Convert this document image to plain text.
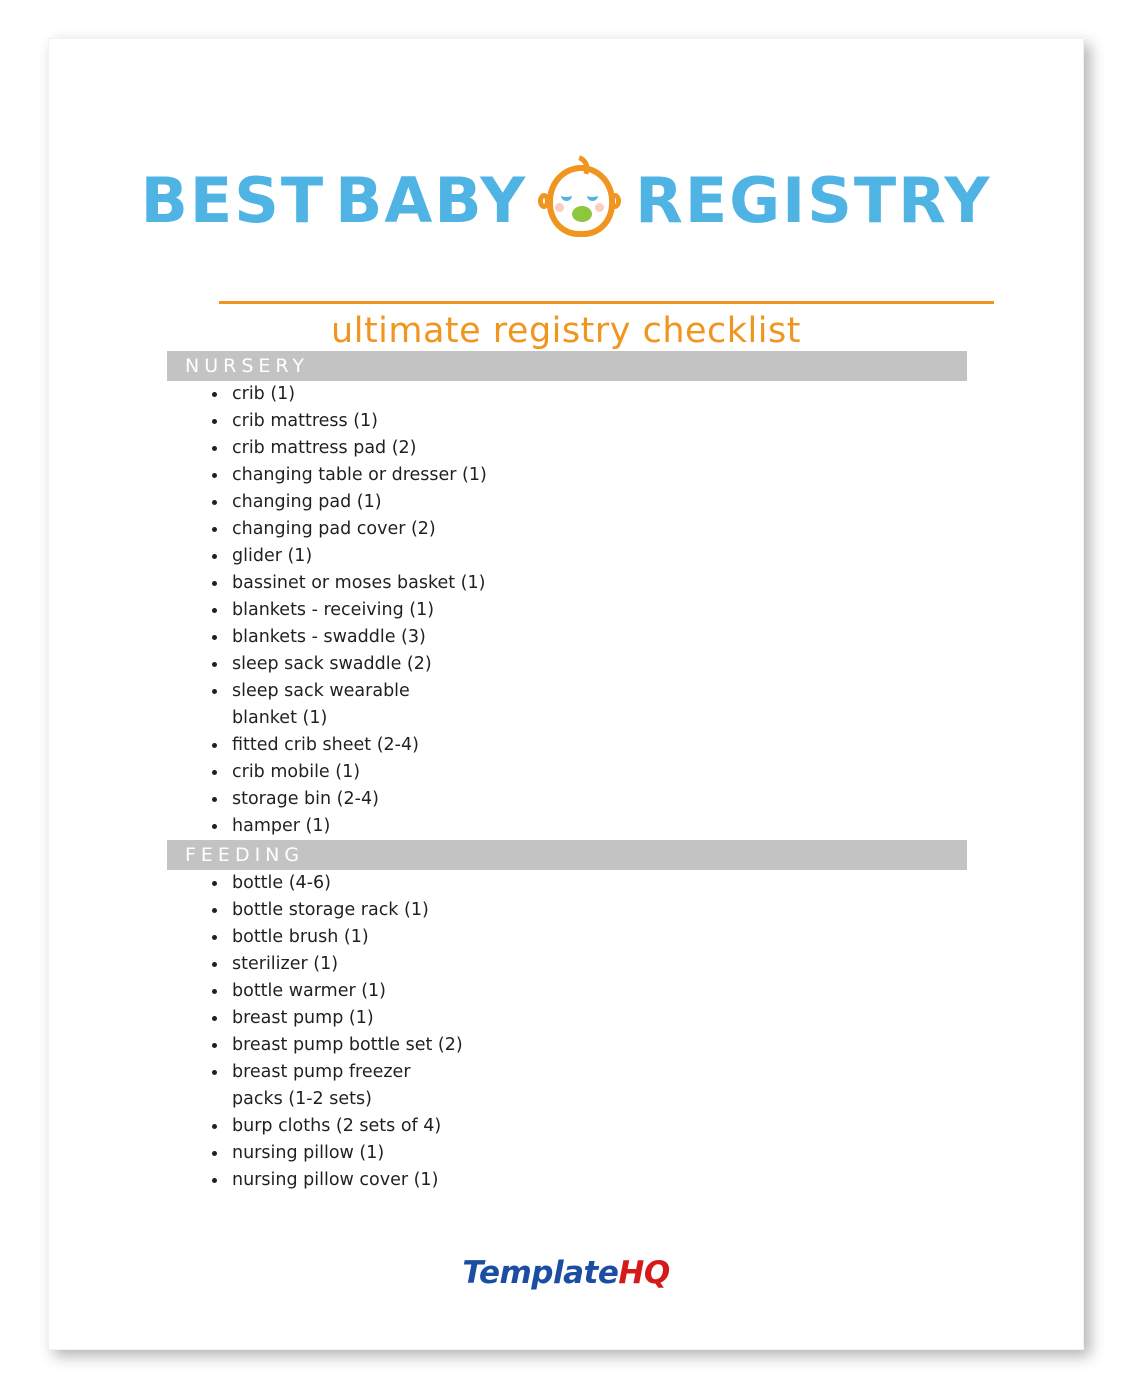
BEST BABY REGISTRY
ultimate registry checklist
NURSERY
crib (1)
crib mattress (1)
crib mattress pad (2)
changing table or dresser (1)
changing pad (1)
changing pad cover (2)
glider (1)
bassinet or moses basket (1)
blankets - receiving (1)
blankets - swaddle (3)
sleep sack swaddle (2)
sleep sack wearable blanket (1)
fitted crib sheet (2-4)
crib mobile (1)
storage bin (2-4)
hamper (1)
FEEDING
bottle (4-6)
bottle storage rack (1)
bottle brush (1)
sterilizer (1)
bottle warmer (1)
breast pump (1)
breast pump bottle set (2)
breast pump freezer packs (1-2 sets)
burp cloths (2 sets of 4)
nursing pillow (1)
nursing pillow cover (1)
TemplateHQ
